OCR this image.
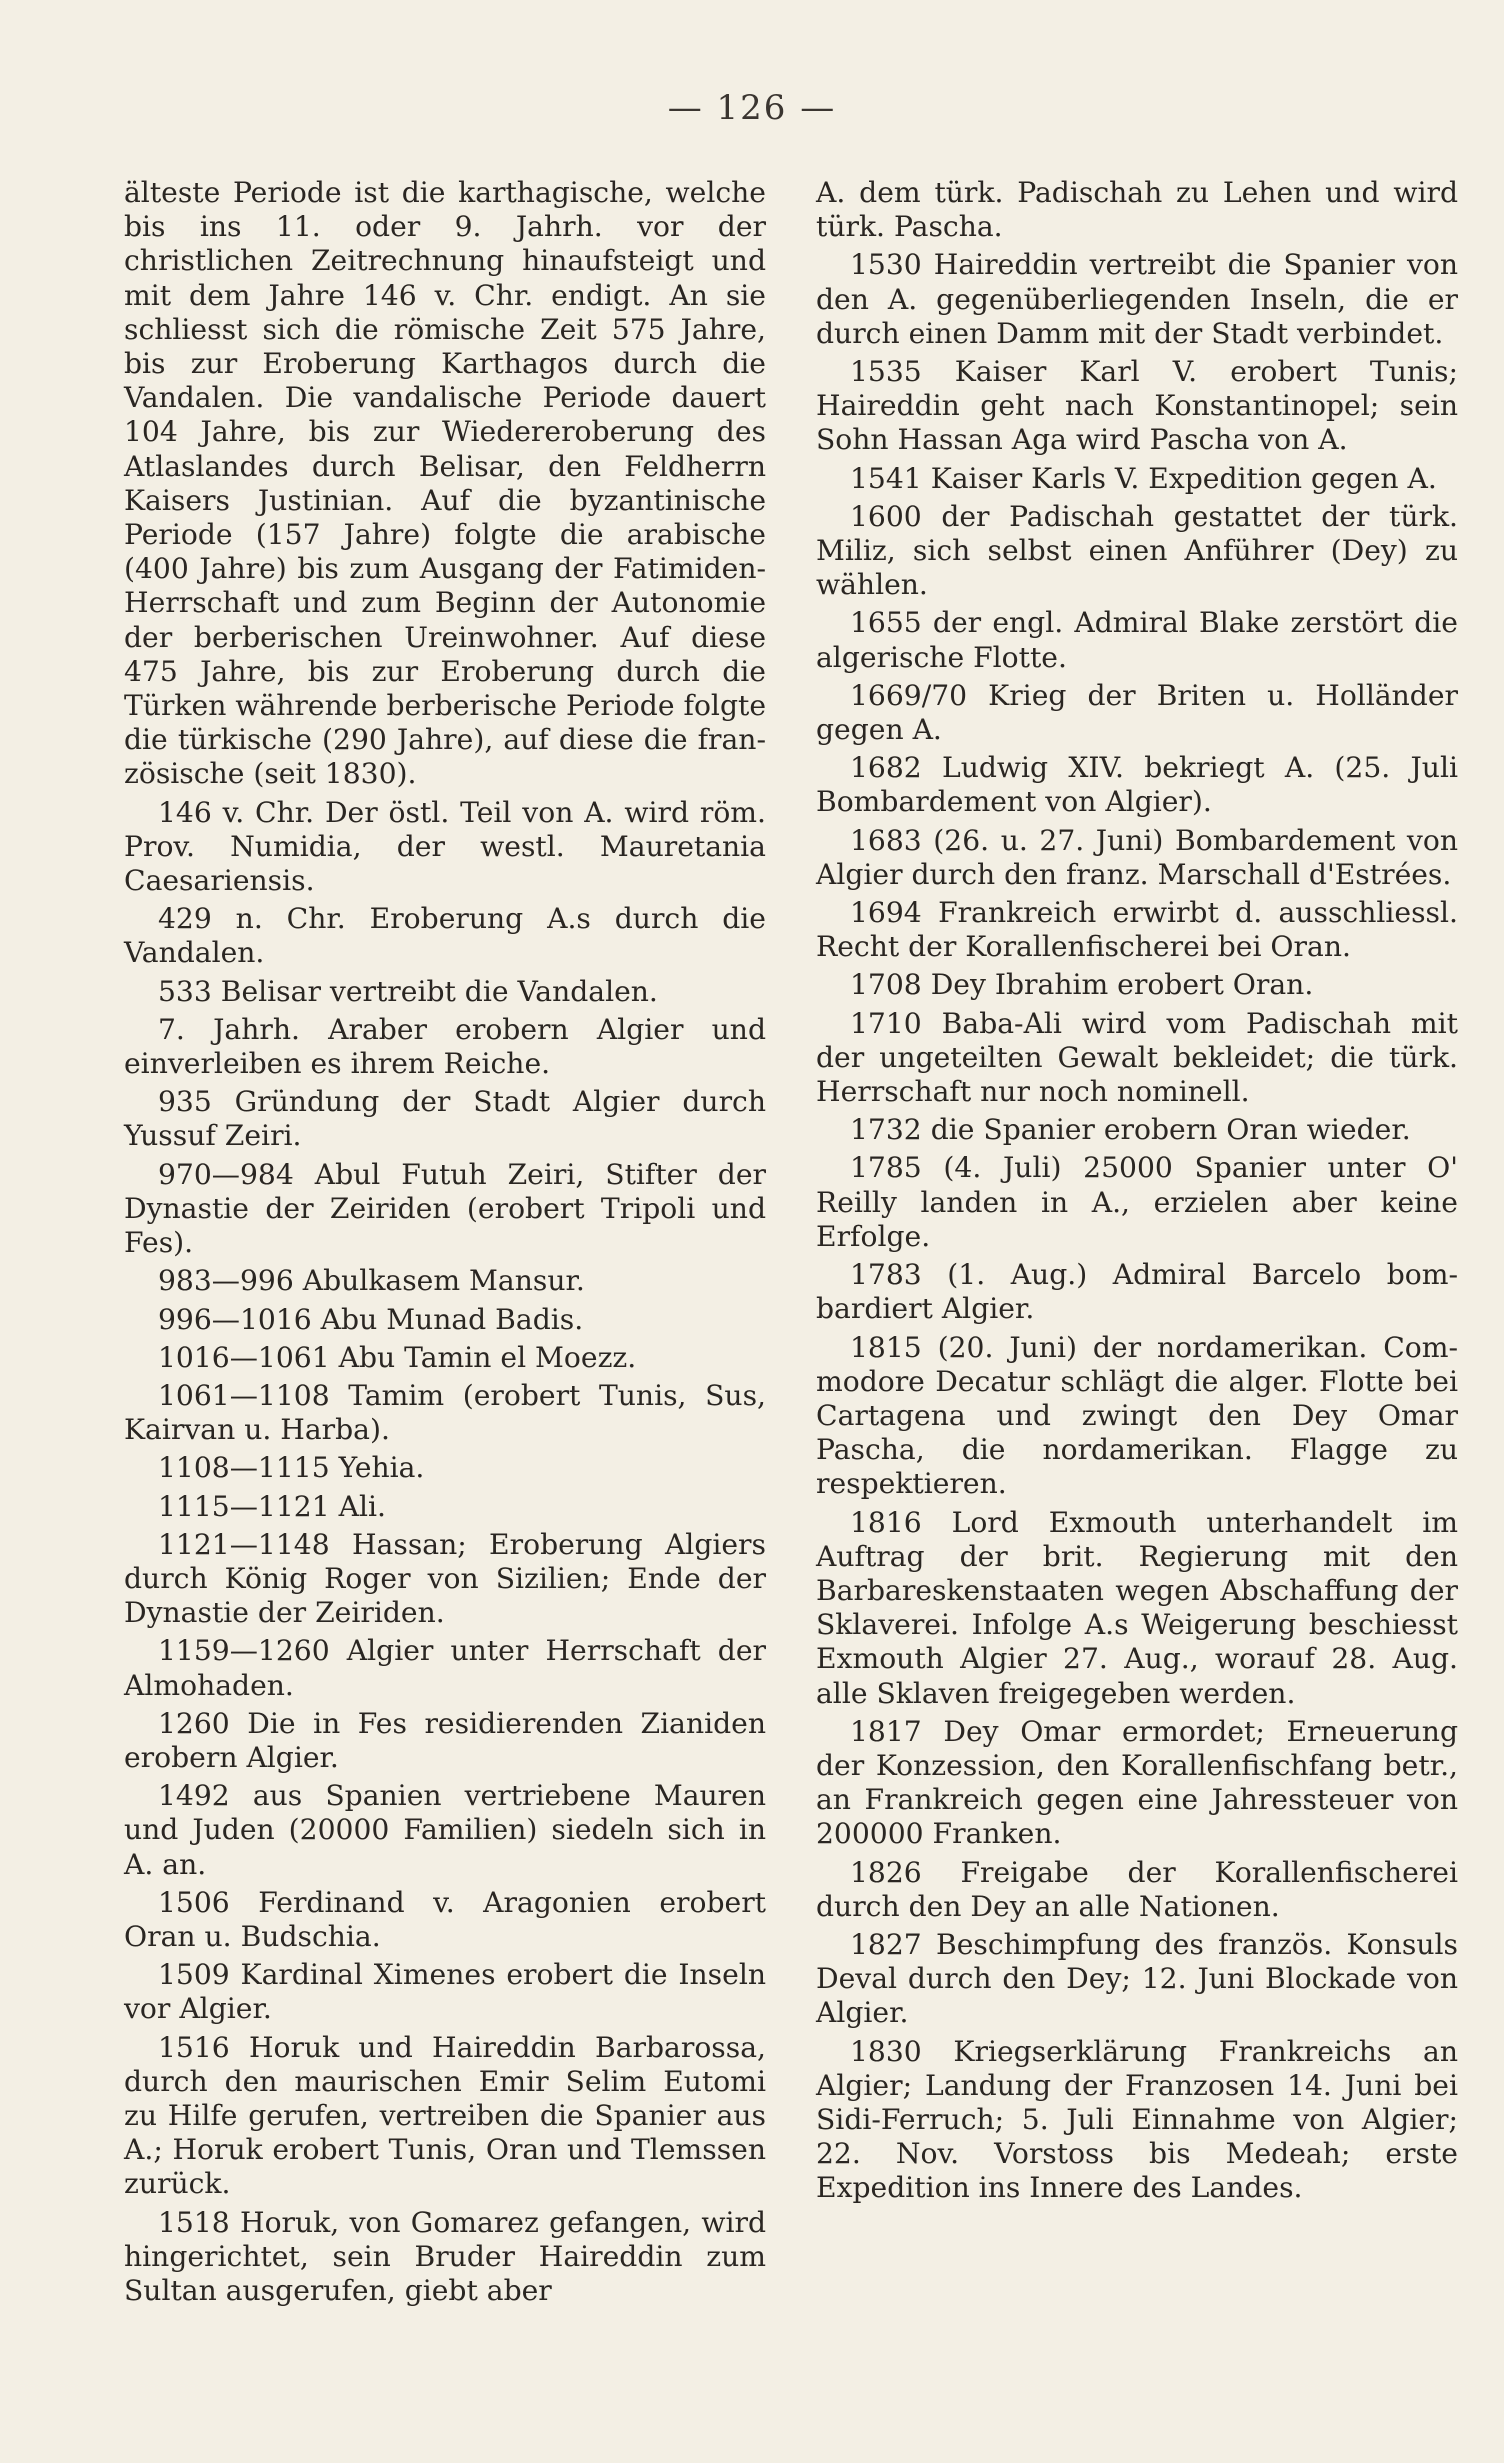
— 126 —

älteste Periode ist die karthagische, welche bis ins 11. oder 9. Jahrh. vor der christlichen Zeitrechnung hinaufsteigt und mit dem Jahre 146 v. Chr. endigt. An sie schliesst sich die römische Zeit 575 Jahre, bis zur Eroberung Karthagos durch die Vandalen. Die vandalische Periode dauert 104 Jahre, bis zur Wiedereroberung des Atlaslandes durch Belisar, den Feldherrn Kaisers Justinian. Auf die byzantinische Periode (157 Jahre) folgte die arabische (400 Jahre) bis zum Ausgang der Fatimiden-Herrschaft und zum Beginn der Autonomie der berberischen Ureinwohner. Auf diese 475 Jahre, bis zur Eroberung durch die Türken währende berberische Periode folgte die türkische (290 Jahre), auf diese die französische (seit 1830).

146 v. Chr. Der östl. Teil von A. wird röm. Prov. Numidia, der westl. Mauretania Caesariensis.

429 n. Chr. Eroberung A.s durch die Vandalen.

533 Belisar vertreibt die Vandalen.

7. Jahrh. Araber erobern Algier und einverleiben es ihrem Reiche.

935 Gründung der Stadt Algier durch Yussuf Zeiri.

970—984 Abul Futuh Zeiri, Stifter der Dynastie der Zeiriden (erobert Tripoli und Fes).

983—996 Abulkasem Mansur.

996—1016 Abu Munad Badis.

1016—1061 Abu Tamin el Moezz.

1061—1108 Tamim (erobert Tunis, Sus, Kairvan u. Harba).

1108—1115 Yehia.

1115—1121 Ali.

1121—1148 Hassan; Eroberung Algiers durch König Roger von Sizilien; Ende der Dynastie der Zeiriden.

1159—1260 Algier unter Herrschaft der Almohaden.

1260 Die in Fes residierenden Zianiden erobern Algier.

1492 aus Spanien vertriebene Mauren und Juden (20000 Familien) siedeln sich in A. an.

1506 Ferdinand v. Aragonien erobert Oran u. Budschia.

1509 Kardinal Ximenes erobert die Inseln vor Algier.

1516 Horuk und Haireddin Barbarossa, durch den maurischen Emir Selim Eutomi zu Hilfe gerufen, vertreiben die Spanier aus A.; Horuk erobert Tunis, Oran und Tlemssen zurück.

1518 Horuk, von Gomarez gefangen, wird hingerichtet, sein Bruder Haireddin zum Sultan ausgerufen, giebt aber

A. dem türk. Padischah zu Lehen und wird türk. Pascha.

1530 Haireddin vertreibt die Spanier von den A. gegenüberliegenden Inseln, die er durch einen Damm mit der Stadt verbindet.

1535 Kaiser Karl V. erobert Tunis; Haireddin geht nach Konstantinopel; sein Sohn Hassan Aga wird Pascha von A.

1541 Kaiser Karls V. Expedition gegen A.

1600 der Padischah gestattet der türk. Miliz, sich selbst einen Anführer (Dey) zu wählen.

1655 der engl. Admiral Blake zerstört die algerische Flotte.

1669/70 Krieg der Briten u. Holländer gegen A.

1682 Ludwig XIV. bekriegt A. (25. Juli Bombardement von Algier).

1683 (26. u. 27. Juni) Bombardement von Algier durch den franz. Marschall d'Estrées.

1694 Frankreich erwirbt d. ausschliessl. Recht der Korallenfischerei bei Oran.

1708 Dey Ibrahim erobert Oran.

1710 Baba-Ali wird vom Padischah mit der ungeteilten Gewalt bekleidet; die türk. Herrschaft nur noch nominell.

1732 die Spanier erobern Oran wieder.

1785 (4. Juli) 25000 Spanier unter O' Reilly landen in A., erzielen aber keine Erfolge.

1783 (1. Aug.) Admiral Barcelo bombardiert Algier.

1815 (20. Juni) der nordamerikan. Commodore Decatur schlägt die alger. Flotte bei Cartagena und zwingt den Dey Omar Pascha, die nordamerikan. Flagge zu respektieren.

1816 Lord Exmouth unterhandelt im Auftrag der brit. Regierung mit den Barbareskenstaaten wegen Abschaffung der Sklaverei. Infolge A.s Weigerung beschiesst Exmouth Algier 27. Aug., worauf 28. Aug. alle Sklaven freigegeben werden.

1817 Dey Omar ermordet; Erneuerung der Konzession, den Korallenfischfang betr., an Frankreich gegen eine Jahressteuer von 200000 Franken.

1826 Freigabe der Korallenfischerei durch den Dey an alle Nationen.

1827 Beschimpfung des französ. Konsuls Deval durch den Dey; 12. Juni Blockade von Algier.

1830 Kriegserklärung Frankreichs an Algier; Landung der Franzosen 14. Juni bei Sidi-Ferruch; 5. Juli Einnahme von Algier; 22. Nov. Vorstoss bis Medeah; erste Expedition ins Innere des Landes.
